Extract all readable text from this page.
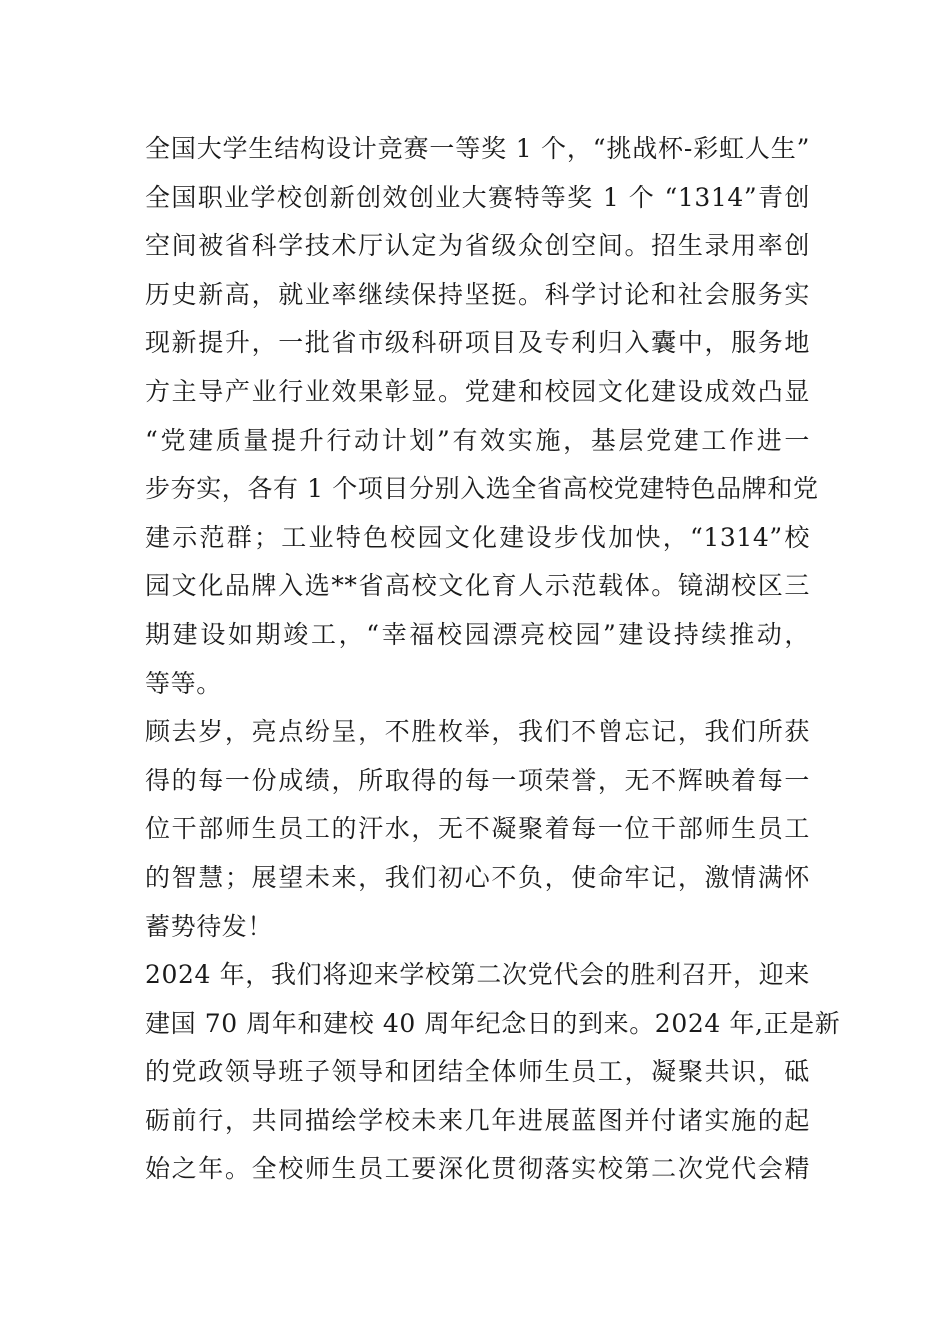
全国大学生结构设计竞赛一等奖 1 个，“挑战杯-彩虹人生”
全国职业学校创新创效创业大赛特等奖 1 个 “1314”青创
空间被省科学技术厅认定为省级众创空间。招生录用率创
历史新高，就业率继续保持坚挺。科学讨论和社会服务实
现新提升，一批省市级科研项目及专利归入囊中，服务地
方主导产业行业效果彰显。党建和校园文化建设成效凸显
“党建质量提升行动计划”有效实施，基层党建工作进一
步夯实，各有 1 个项目分别入选全省高校党建特色品牌和党
建示范群；工业特色校园文化建设步伐加快，“1314”校
园文化品牌入选**省高校文化育人示范载体。镜湖校区三
期建设如期竣工，“幸福校园漂亮校园”建设持续推动，
等等。
顾去岁，亮点纷呈，不胜枚举，我们不曾忘记，我们所获
得的每一份成绩，所取得的每一项荣誉，无不辉映着每一
位干部师生员工的汗水，无不凝聚着每一位干部师生员工
的智慧；展望未来，我们初心不负，使命牢记，激情满怀
蓄势待发！
2024 年，我们将迎来学校第二次党代会的胜利召开，迎来
建国 70 周年和建校 40 周年纪念日的到来。2024 年,正是新
的党政领导班子领导和团结全体师生员工，凝聚共识，砥
砺前行，共同描绘学校未来几年进展蓝图并付诸实施的起
始之年。全校师生员工要深化贯彻落实校第二次党代会精
